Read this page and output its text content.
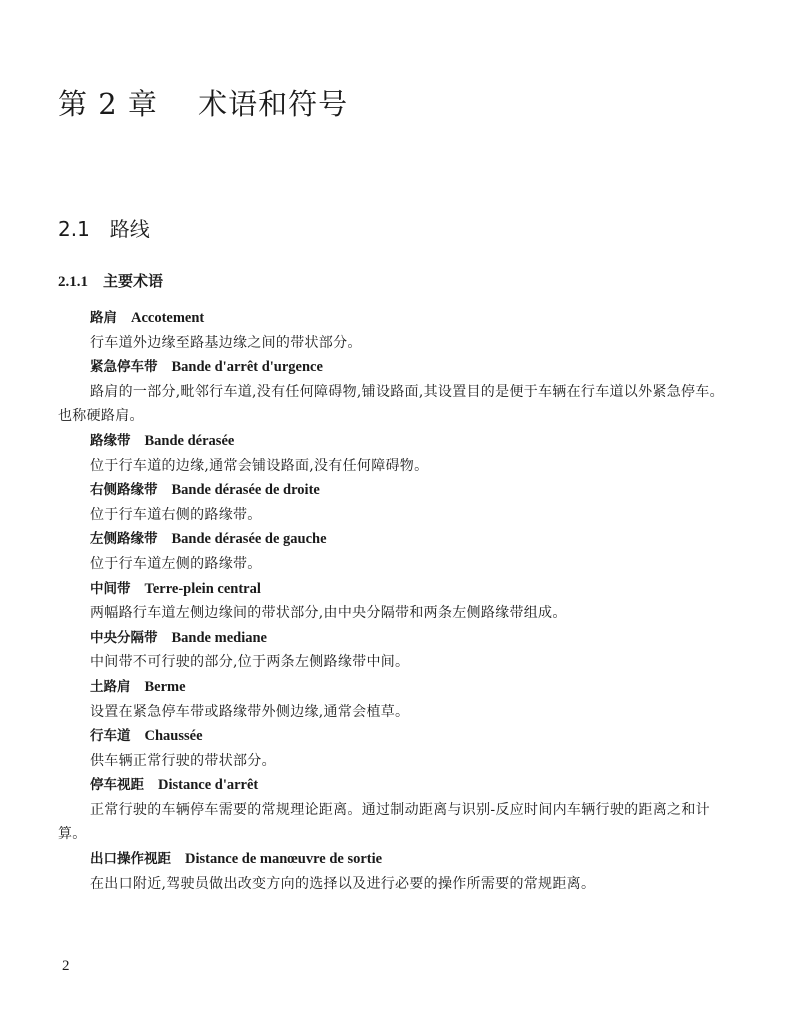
第 2 章　 术语和符号
2.1　路线
2.1.1　 主要术语
路肩 Accotement

行车道外边缘至路基边缘之间的带状部分。

紧急停车带 Bande d'arrêt d'urgence

路肩的一部分,毗邻行车道,没有任何障碍物,铺设路面,其设置目的是便于车辆在行车道以外紧急停车。也称硬路肩。

路缘带 Bande dérasée

位于行车道的边缘,通常会铺设路面,没有任何障碍物。

右侧路缘带 Bande dérasée de droite

位于行车道右侧的路缘带。

左侧路缘带 Bande dérasée de gauche

位于行车道左侧的路缘带。

中间带 Terre-plein central

两幅路行车道左侧边缘间的带状部分,由中央分隔带和两条左侧路缘带组成。

中央分隔带 Bande mediane

中间带不可行驶的部分,位于两条左侧路缘带中间。

土路肩 Berme

设置在紧急停车带或路缘带外侧边缘,通常会植草。

行车道 Chaussée

供车辆正常行驶的带状部分。

停车视距 Distance d'arrêt

正常行驶的车辆停车需要的常规理论距离。通过制动距离与识别-反应时间内车辆行驶的距离之和计算。

出口操作视距 Distance de manœuvre de sortie

在出口附近,驾驶员做出改变方向的选择以及进行必要的操作所需要的常规距离。

2
